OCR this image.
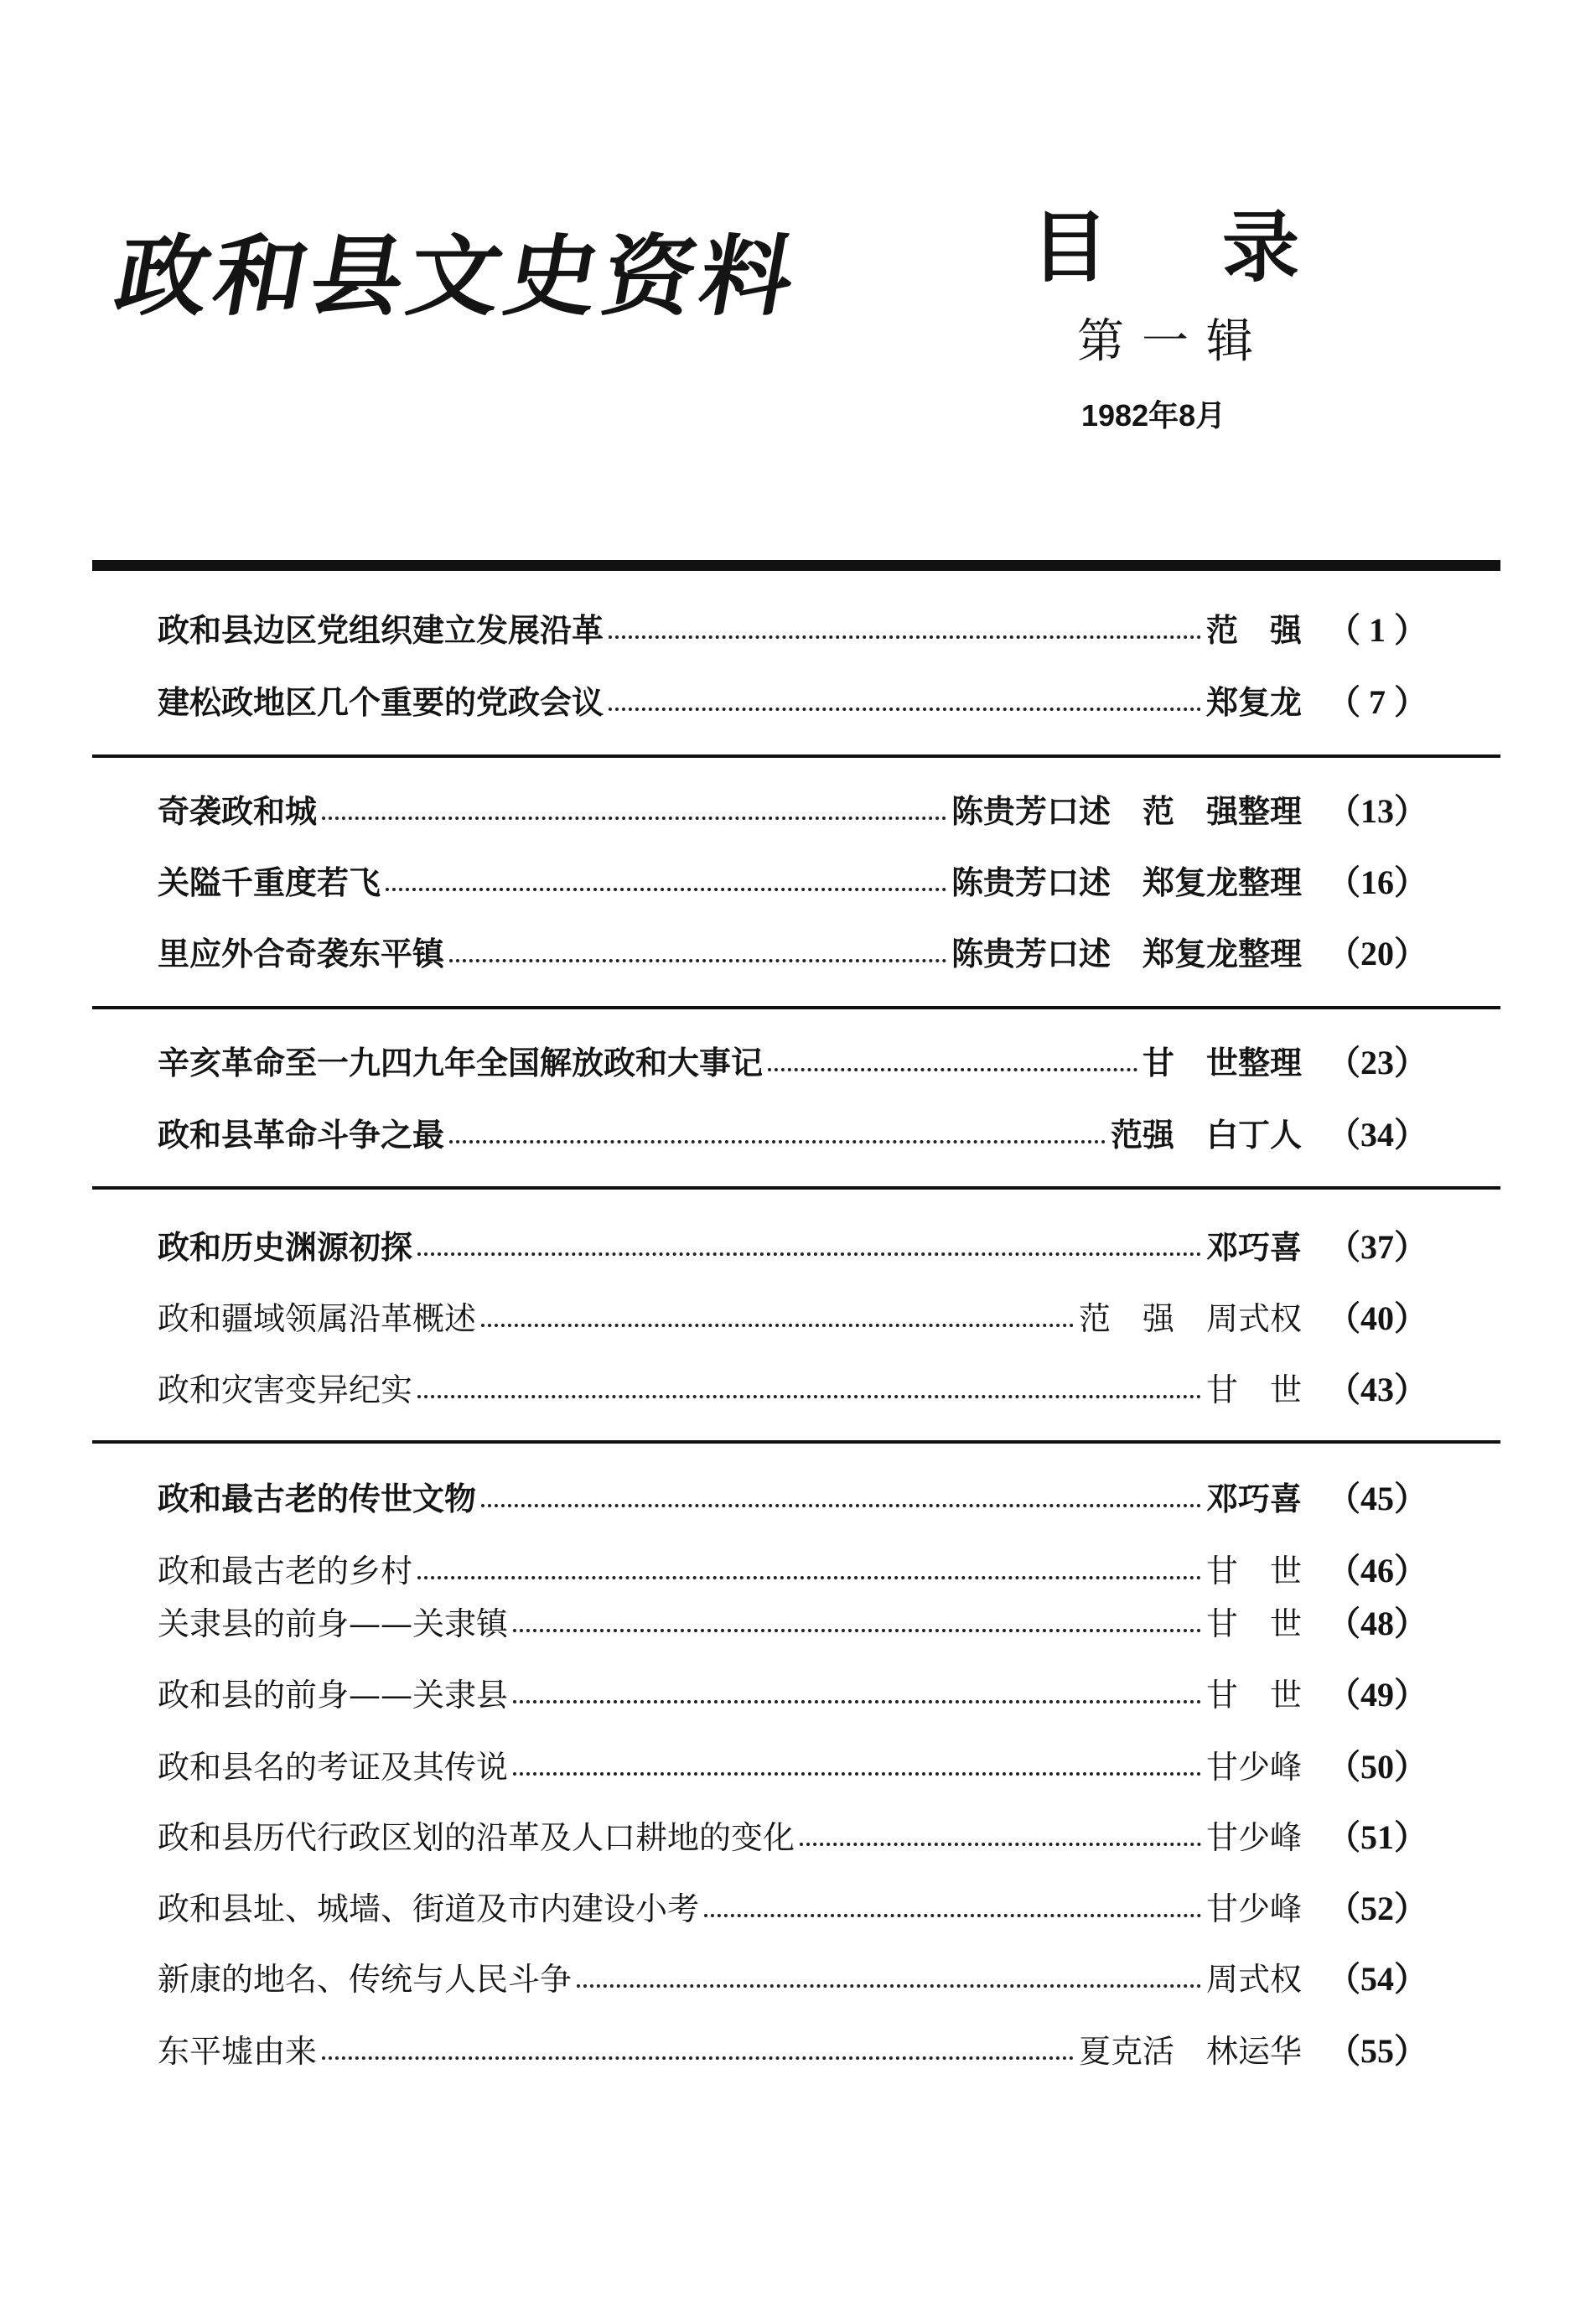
政和县文史资料	目 录
第一辑
1982年8月
政和县边区党组织建立发展沿革	范　强 （ 1 ）
建松政地区几个重要的党政会议	郑复龙 （ 7 ）
奇袭政和城	陈贵芳口述　范　强整理 （13）
关隘千重度若飞	陈贵芳口述　郑复龙整理 （16）
里应外合奇袭东平镇	陈贵芳口述　郑复龙整理 （20）
辛亥革命至一九四九年全国解放政和大事记	甘　世整理 （23）
政和县革命斗争之最	范强　白丁人 （34）
政和历史渊源初探	邓巧喜 （37）
政和疆域领属沿革概述	范　强　周式权 （40）
政和灾害变异纪实	甘　世 （43）
政和最古老的传世文物	邓巧喜 （45）
政和最古老的乡村	甘　世 （46）
关隶县的前身——关隶镇	甘　世 （48）
政和县的前身——关隶县	甘　世 （49）
政和县名的考证及其传说	甘少峰 （50）
政和县历代行政区划的沿革及人口耕地的变化	甘少峰 （51）
政和县址、城墙、街道及市内建设小考	甘少峰 （52）
新康的地名、传统与人民斗争	周式权 （54）
东平墟由来	夏克活　林运华 （55）
